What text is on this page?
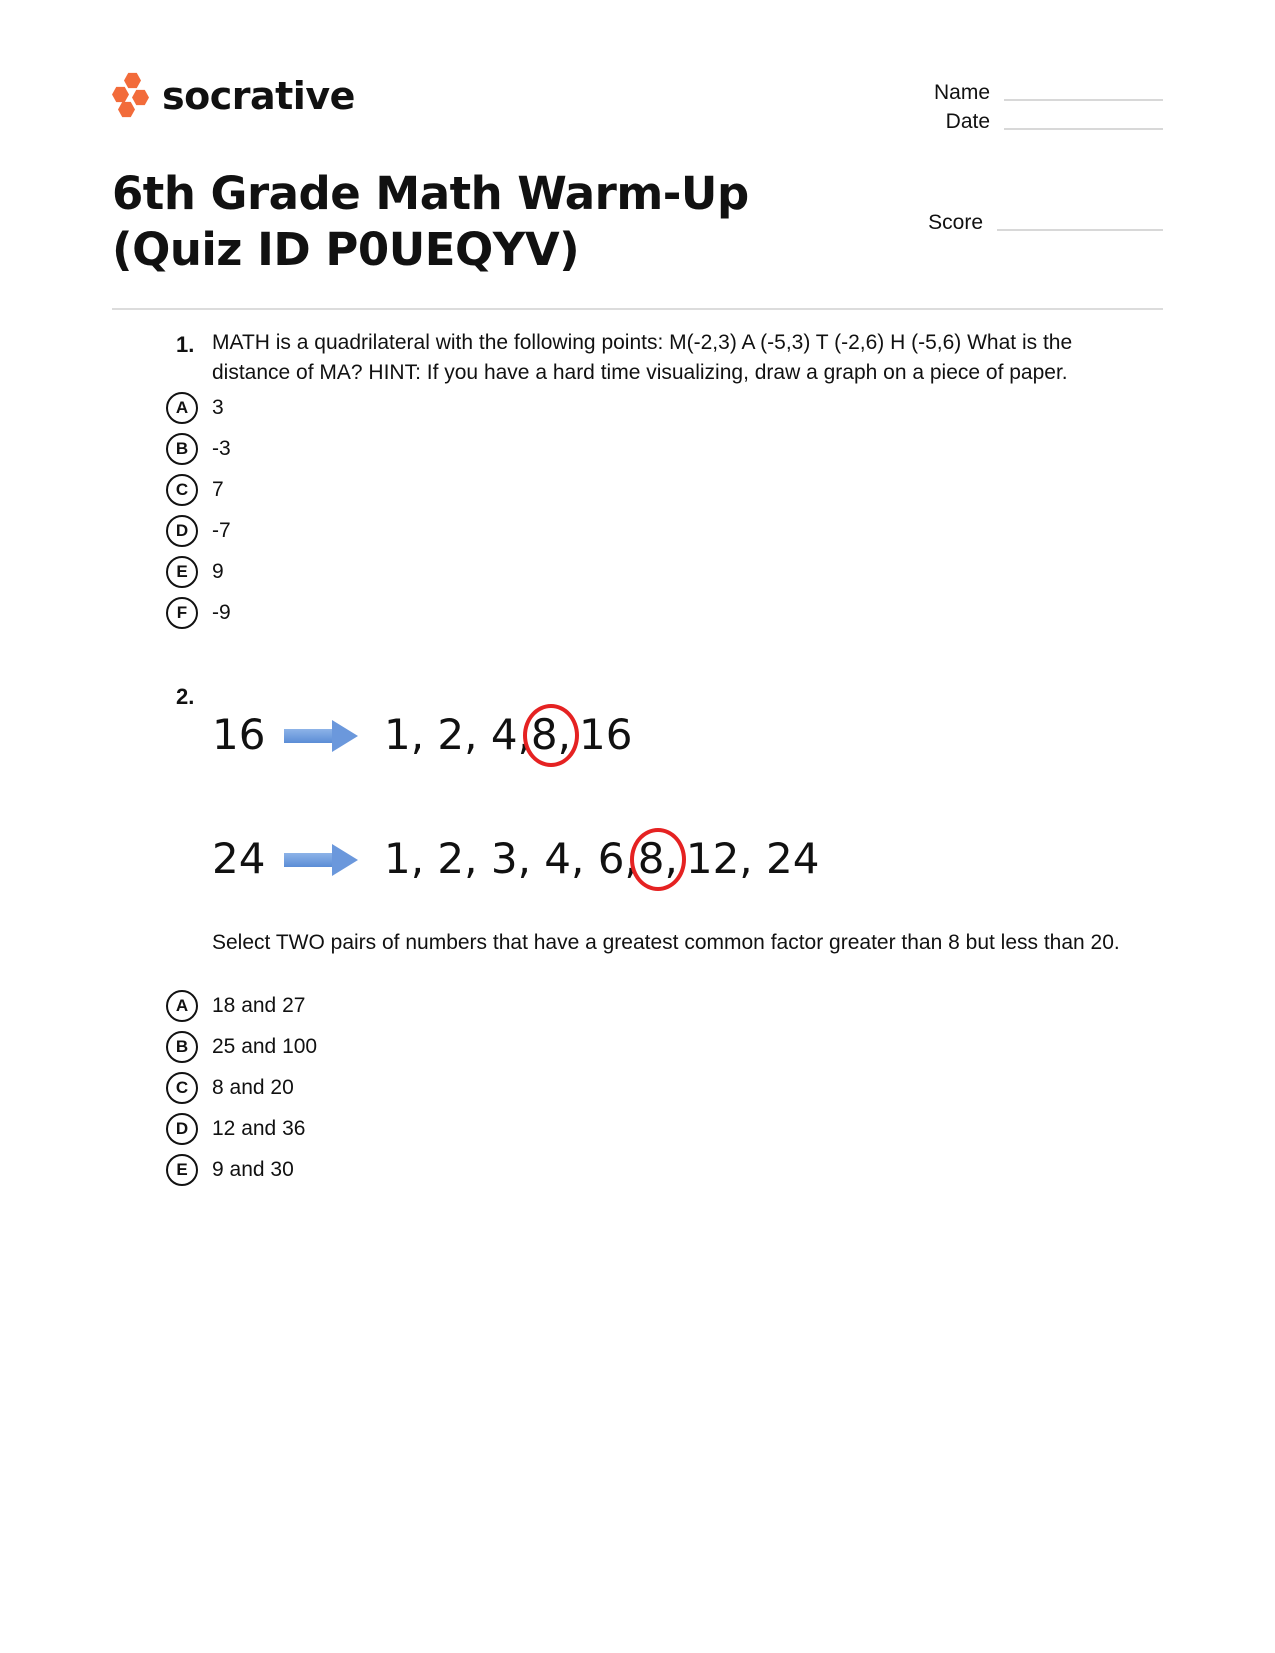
socrative	Name
Date
Score
6th Grade Math Warm-Up (Quiz ID P0UEQYV)
1. MATH is a quadrilateral with the following points: M(-2,3) A (-5,3) T (-2,6) H (-5,6) What is the distance of MA? HINT: If you have a hard time visualizing, draw a graph on a piece of paper.
A	3
B	-3
C	7
D	-7
E	9
F	-9
2.
16	1, 2, 4, 8, 16
24	1, 2, 3, 4, 6, 8, 12, 24
Select TWO pairs of numbers that have a greatest common factor greater than 8 but less than 20.
A	18 and 27
B	25 and 100
C	8 and 20
D	12 and 36
E	9 and 30
